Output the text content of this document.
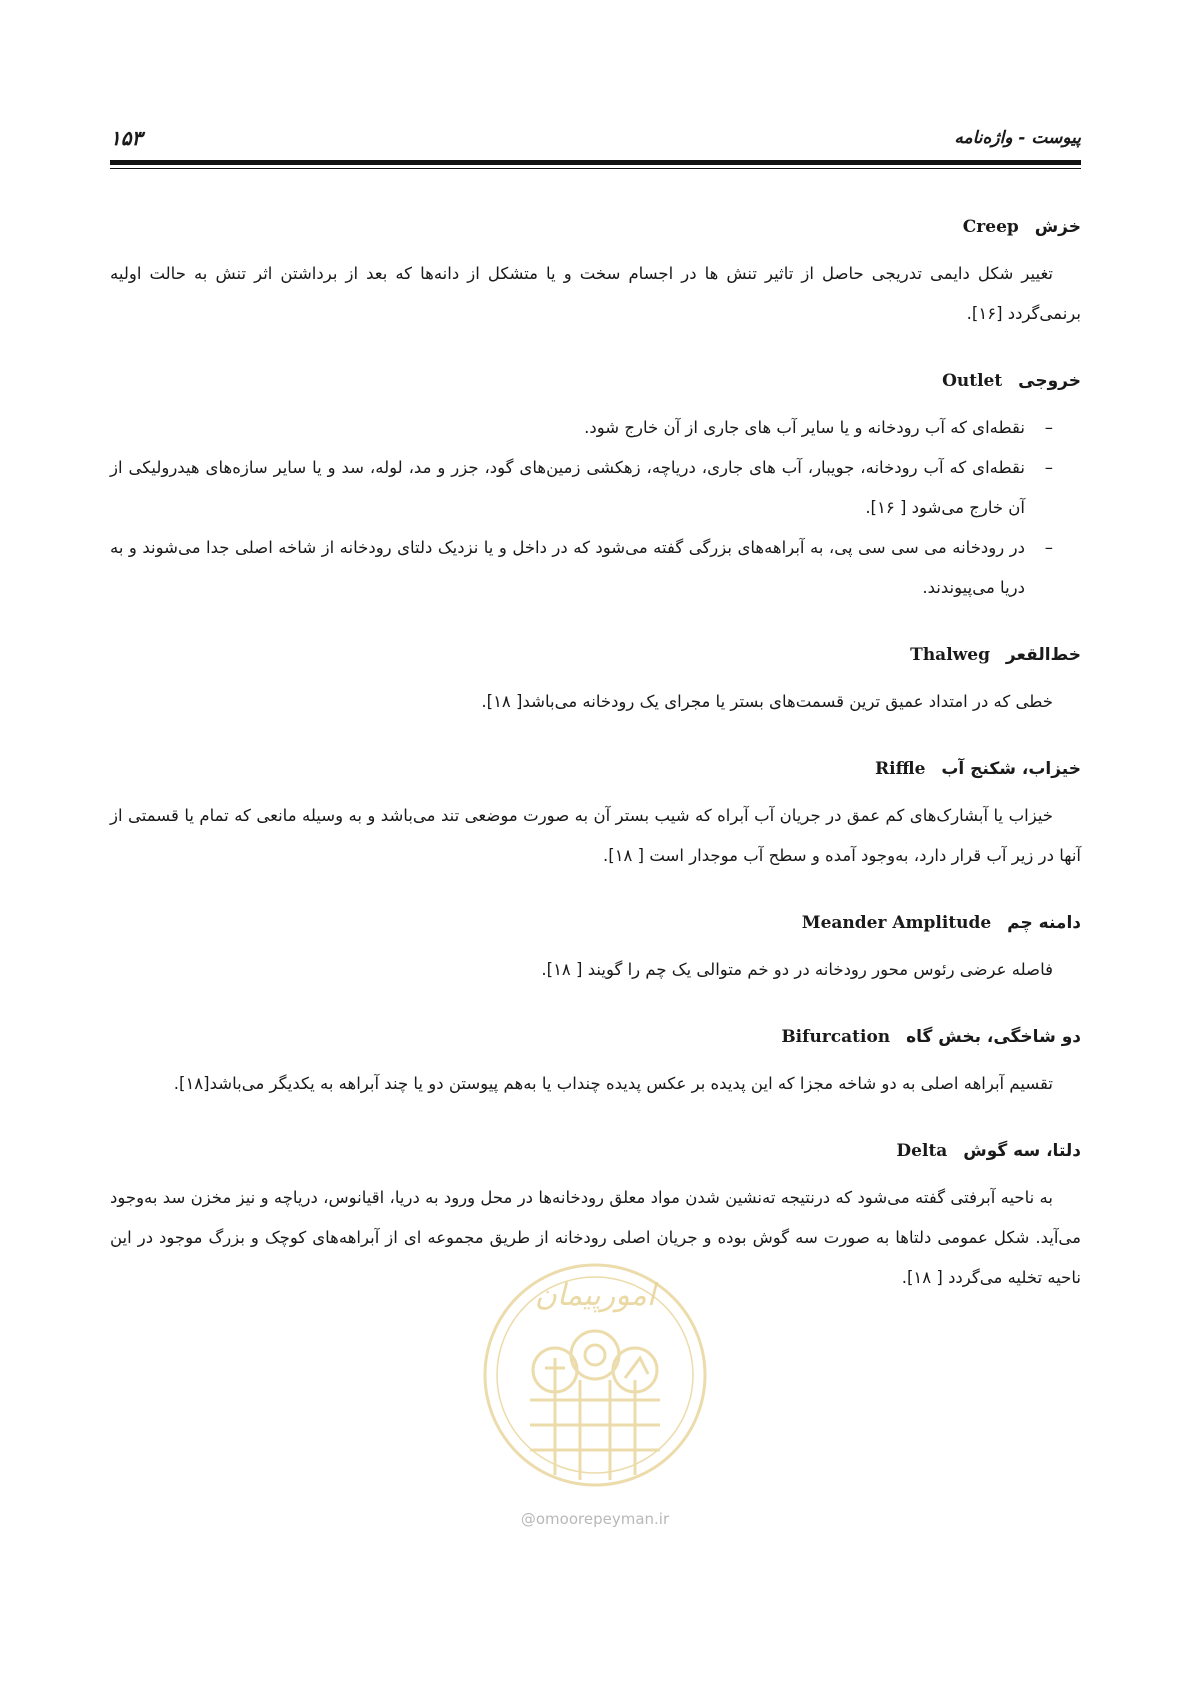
پیوست - واژه‌نامه
۱۵۳
خزش Creep

تغییر شکل دایمی تدریجی حاصل از تاثیر تنش ها در اجسام سخت و یا متشکل از دانه‌ها که بعد از برداشتن اثر تنش به حالت اولیه برنمی‌گردد [۱۶].

خروجی Outlet
–
نقطه‌ای که آب رودخانه و یا سایر آب های جاری از آن خارج شود.
–
نقطه‌ای که آب رودخانه، جویبار، آب های جاری، دریاچه، زهکشی زمین‌های گود، جزر و مد، لوله، سد و یا سایر سازه‌های هیدرولیکی از آن خارج می‌شود [ ۱۶].
–
در رودخانه می سی سی پی، به آبراهه‌های بزرگی گفته می‌شود که در داخل و یا نزدیک دلتای رودخانه از شاخه اصلی جدا می‌شوند و به دریا می‌پیوندند.
خط‌القعر Thalweg

خطی که در امتداد عمیق ترین قسمت‌های بستر یا مجرای یک رودخانه می‌باشد[ ۱۸].

خیزاب، شکنج آب Riffle

خیزاب یا آبشارک‌های کم عمق در جریان آب آبراه که شیب بستر آن به صورت موضعی تند می‌باشد و به وسیله مانعی که تمام یا قسمتی از آنها در زیر آب قرار دارد، به‌وجود آمده و سطح آب موجدار است [ ۱۸].

دامنه چم Meander Amplitude

فاصله عرضی رئوس محور رودخانه در دو خم متوالی یک چم را گویند [ ۱۸].

دو شاخگی، بخش گاه Bifurcation

تقسیم آبراهه اصلی به دو شاخه مجزا که این پدیده بر عکس پدیده چنداب یا به‌هم پیوستن دو یا چند آبراهه به یکدیگر می‌باشد[۱۸].

دلتا، سه گوش Delta

به ناحیه آبرفتی گفته می‌شود که درنتیجه ته‌نشین شدن مواد معلق رودخانه‌ها در محل ورود به دریا، اقیانوس، دریاچه و نیز مخزن سد به‌وجود می‌آید. شکل عمومی دلتاها به صورت سه گوش بوده و جریان اصلی رودخانه از طریق مجموعه ای از آبراهه‌های کوچک و بزرگ موجود در این ناحیه تخلیه می‌گردد [ ۱۸].

امورپیمان
@omoorepeyman.ir
